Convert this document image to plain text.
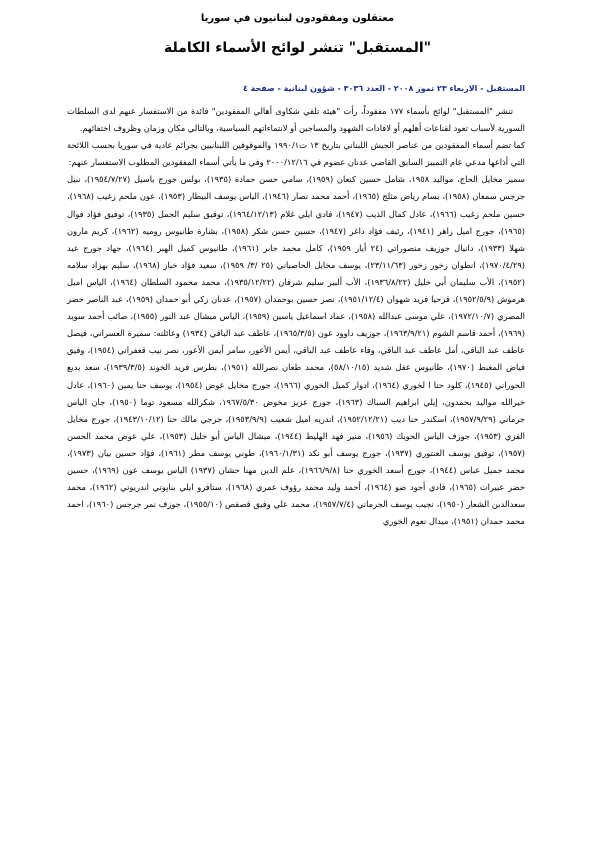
معتقلون ومفقودون لبنانيون في سوريا
"المستقبل" تنشر لوائح الأسماء الكاملة
المستقبل - الاربعاء ٢٣ تموز ٢٠٠٨ - العدد ٣٠٣٦ - شؤون لبنانية - صفحة ٤

تنشر "المستقبل" لوائح بأسماء ١٧٧ مفقوداً، رأت "هيئة تلقي شكاوى أهالي المفقودين" فائدة من الاستفسار عنهم لدى السلطات السورية لأسباب تعود لقناعات أهلهم أو لافادات الشهود والمساجين أو لانتماءاتهم السياسية، وبالتالي مكان وزمان وظروف اختفائهم.

كما تضم أسماء المفقودين من عناصر الجيش اللبناني بتاريخ ١٣ ت١٩٩٠/١ والموقوفين اللبنانيين بجرائم عادية في سوريا بحسب اللائحة التي أذاعها مدعي عام التمييز السابق القاضي عدنان عضوم في ٢٠٠٠/١٢/١٦ وفي ما يأتي أسماء المفقودين المطلوب الاستفسار عنهم:

سمير مخايل الحاج، مواليد ١٩٥٨، شامل حسين كنعان (١٩٥٩)، سامي حسن حمادة (١٩٣٥)، بولس جورج باسيل (١٩٥٤/٧/٢٧)، نبيل جرجس سمعان (١٩٥٨)، بسام رياض مثلج (١٩٦٥)، أحمد محمد نصار (١٩٤٦)، الياس يوسف البيطار (١٩٥٣)، عون ملحم زغيب (١٩٦٨)، حسين ملحم زغيب (١٩٦٦)، عادل كمال الذيب (١٩٤٧)، فادي ايلي غلام (١٩٦٤/١٢/١٣)، توفيق سليم الجمل (١٩٣٥)، توفيق فؤاد فوال (١٩٦٥)، جورج اميل زاهر (١٩٤١)، رئيف فؤاد داغر (١٩٤٧)، حسين حسن شكر (١٩٥٨)، بشارة طانيوس روميه (١٩٦٢)، كريم مارون شهلا (١٩٣٣)، دانيال جوزيف منصوراتي (٢٤ أيار ١٩٥٩)، كامل محمد جابر (١٩٦١)، طانيوس كميل الهبر (١٩٦٤)، جهاد جورج عيد (١٩٧٠/٤/٢٩)، انطوان زخور زخور (٢٣/١١/٦٣)، يوسف مخايل الحاصباني (٢٥ /٣/ ١٩٥٩)، سعيد فؤاد خباز (١٩٦٨)، سليم بهزاد سلامه (١٩٥٢)، الأب سليمان أبي خليل (١٩٣٦/٨/٢٢)، الأب ألبير سليم شرفان (١٩٣٥/١٢/٢٢)، محمد محمود السلطان (١٩٦٤)، الياس اميل هرموش (١٩٥٢/٥/٩)، قزحيا فريد شهوان (١٩٥١/١٢/٤)، نصر حسين بوحمدان (١٩٥٧)، عدنان زكي أبو حمدان (١٩٥٩)، عبد الناصر خضر المصري (١٩٧٢/١٠/٧)، علي موسى عبدالله (١٩٥٨)، عماد اسماعيل ياسين (١٩٥٩)، الياس ميشال عبد النور (١٩٥٥)، صائب أحمد سويد (١٩٦٩)، أحمد قاسم الشوم (١٩٦٣/٩/٢١)، جوزيف داوود عون (١٩٦٥/٣/٥)، عاطف عبد الباقي (١٩٣٤) وعائلته: سميرة العسراني، فيصل عاطف عبد الباقي، أمل عاطف عبد الباقي، وفاء عاطف عبد الباقي، أيمن الأعور، سامر أيمن الأعور، نصر نيب قعفراني (١٩٥٤)، وفيق فياض المغبط (١٩٧٠)، طانيوس عقل شديد (٥٨/١٠/١٥)، محمد طعان نصرالله (١٩٥١)، بطرس فريد الخوند (١٩٣٩/٣/٥)، سعد بديع الحوراني (١٩٤٥)، كلود حنا ا لخوري (١٩٦٤)، ادوار كميل الخوري (١٩٦٦)، جورج مخايل عوض (١٩٥٤)، يوسف حنا يمين (١٩٦٠)، عادل خيرالله مواليد بحمدون، إيلي ابراهيم السباك (١٩٦٣)، جورج عزيز مخوض ١٩٦٧/٥/٣٠، شكرالله مسعود توما (١٩٥٠)، جان الياس جرماني (١٩٥٧/٩/٢٩)، اسكندر حنا ديب (١٩٥٢/١٢/٢١)، اندريه اميل شعيب (١٩٥٣/٩/٩)، جرجي مالك حنا (١٩٤٣/١٠/١٢)، جورج مخايل القزي (١٩٥٣)، جوزف الياس الحويك (١٩٥٦)، منير فهد الهليط (١٩٤٤)، ميشال الياس أبو خليل (١٩٥٣)، علي عوض محمد الحسن (١٩٥٧)، توفيق يوسف العنتوري (١٩٣٧)، جورج يوسف أبو نكد (١٩٦٠/١/٣١)، طوني يوسف مطر (١٩٦١)، فؤاد حسين بيان (١٩٧٣)، محمد جميل عباس (١٩٤٤)، جورج أسعد الخوري حنا (١٩٦٦/٩/٨)، علم الدين مهنا حشان (١٩٣٧) الياس يوسف عون (١٩٦٩)، حسين خضر عبيرات (١٩٦٥)، فادي أجود ضو (١٩٦٤)، أحمد وليد محمد رؤوف عمري (١٩٦٨)، ستافرو ايلي بناپوتي اندريوتي (١٩٦٢)، محمد سعدالدين الشعار (١٩٥٠)، نجيب يوسف الجرماني (١٩٥٧/٧/٤)، محمد علي وفيق قصقص (١٩٥٥/١٠)، جوزف نمر جرجس (١٩٦٠)، احمد محمد حمدان (١٩٥١)، ميدال نعوم الخوري
